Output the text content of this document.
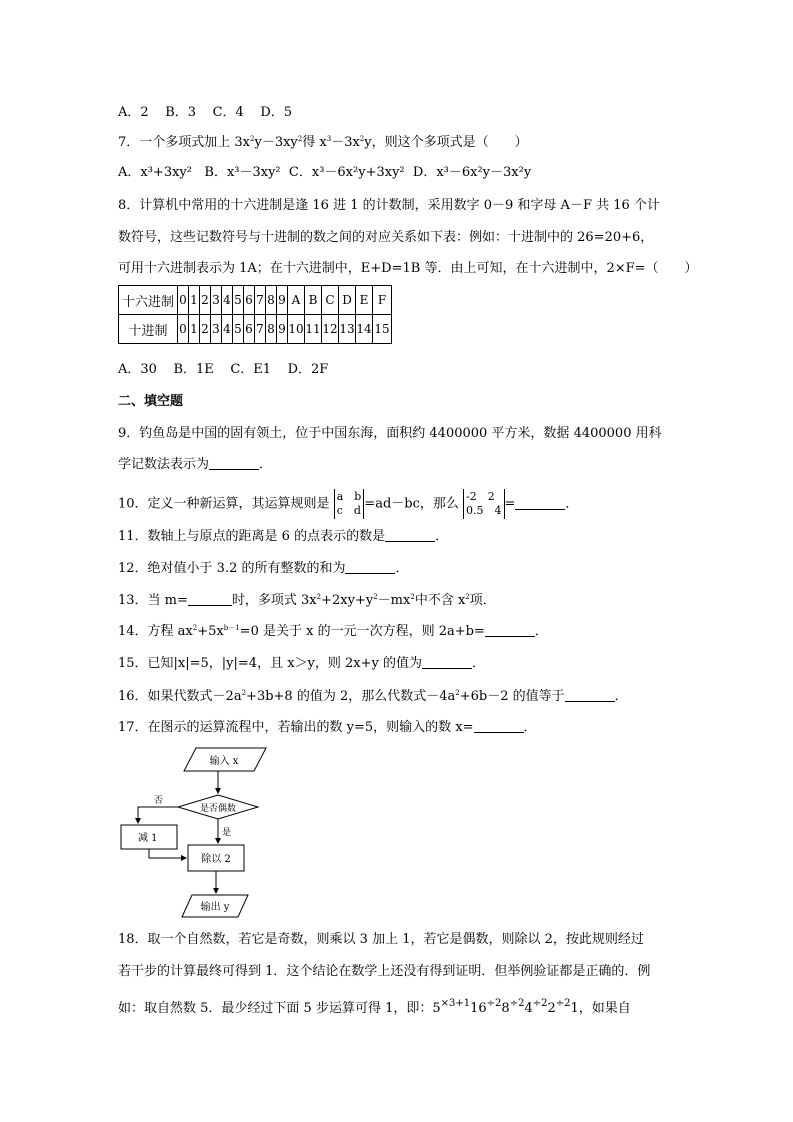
A．2 B．3 C．4 D．5
7．一个多项式加上 $3x^2y-3xy^2$得 $x^3-3x^2y$，则这个多项式是（　　）
A．x³+3xy² B．x³－3xy² C．x³－6x²y+3xy² D．x³－6x²y－3x²y
8．计算机中常用的十六进制是逢 16 进 1 的计数制，采用数字 0－9 和字母 A－F 共 16 个计
数符号，这些记数符号与十进制的数之间的对应关系如下表：例如：十进制中的 26=20+6，
可用十六进制表示为 1A；在十六进制中，E+D=1B 等．由上可知，在十六进制中，2×F=（　　）
十六进制	0	1	2	3	4	5	6	7	8	9	A	B	C	D	E	F
十进制	0	1	2	3	4	5	6	7	8	9	10	11	12	13	14	15
A．30 B．1E C．E1 D．2F
二、填空题
9．钓鱼岛是中国的固有领土，位于中国东海，面积约 4400000 平方米，数据 4400000 用科
学记数法表示为	．
10．定义一种新运算，其运算规则是 a　b
c　d =ad－bc，那么 -2　2
0.5　4 =	．
11．数轴上与原点的距离是 6 的点表示的数是	．
12．绝对值小于 3.2 的所有整数的和为	．
13．当 m=	时，多项式 $3x^2+2xy+y^2-mx^2$中不含 $x^2$项．
14．方程 $ax^2+5x^{b-1}=0$ 是关于 x 的一元一次方程，则 2a+b=	．
15．已知|x|=5，|y|=4，且 x＞y，则 2x+y 的值为	．
16．如果代数式$-2a^2+3b+8$ 的值为 2，那么代数式$-4a^2+6b-2$ 的值等于	．
17．在图示的运算流程中，若输出的数 y=5，则输入的数 x=	．
输入 x
是否偶数
否
减 1	是
除以 2
输出 y
18．取一个自然数，若它是奇数，则乘以 3 加上 1，若它是偶数，则除以 2，按此规则经过
若干步的计算最终可得到 1．这个结论在数学上还没有得到证明．但举例验证都是正确的．例
如：取自然数 5．最少经过下面 5 步运算可得 1，即：$5^{\times 3+1}16^{\div 2}8^{\div 2}4^{\div 2}2^{\div 2}1$，如果自
